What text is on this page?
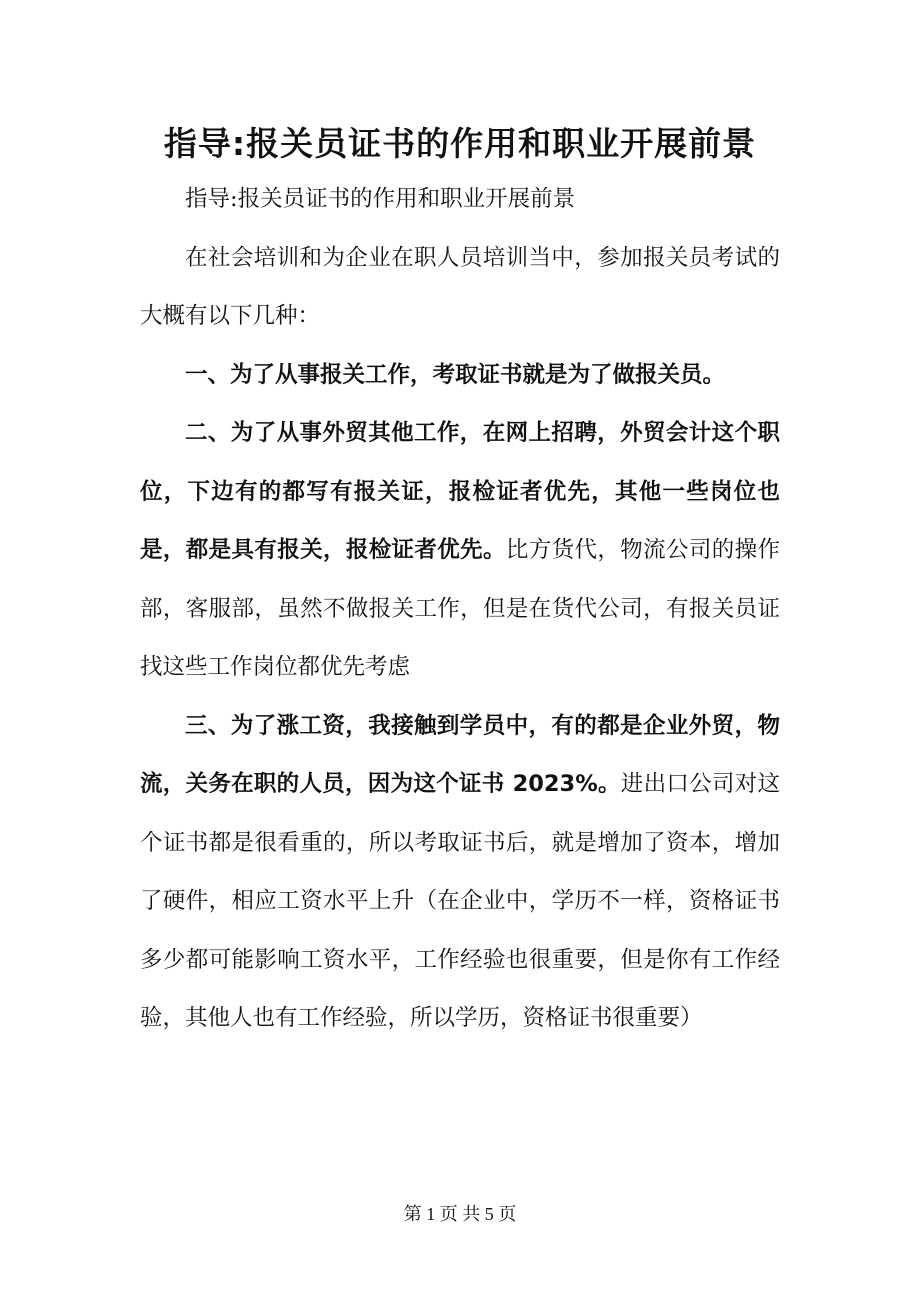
指导:报关员证书的作用和职业开展前景

指导:报关员证书的作用和职业开展前景

在社会培训和为企业在职人员培训当中，参加报关员考试的大概有以下几种：

一、为了从事报关工作，考取证书就是为了做报关员。

二、为了从事外贸其他工作，在网上招聘，外贸会计这个职位，下边有的都写有报关证，报检证者优先，其他一些岗位也是，都是具有报关，报检证者优先。比方货代，物流公司的操作部，客服部，虽然不做报关工作，但是在货代公司，有报关员证找这些工作岗位都优先考虑

三、为了涨工资，我接触到学员中，有的都是企业外贸，物流，关务在职的人员，因为这个证书 2023%。进出口公司对这个证书都是很看重的，所以考取证书后，就是增加了资本，增加了硬件，相应工资水平上升（在企业中，学历不一样，资格证书多少都可能影响工资水平，工作经验也很重要，但是你有工作经验，其他人也有工作经验，所以学历，资格证书很重要）

第 1 页 共 5 页
